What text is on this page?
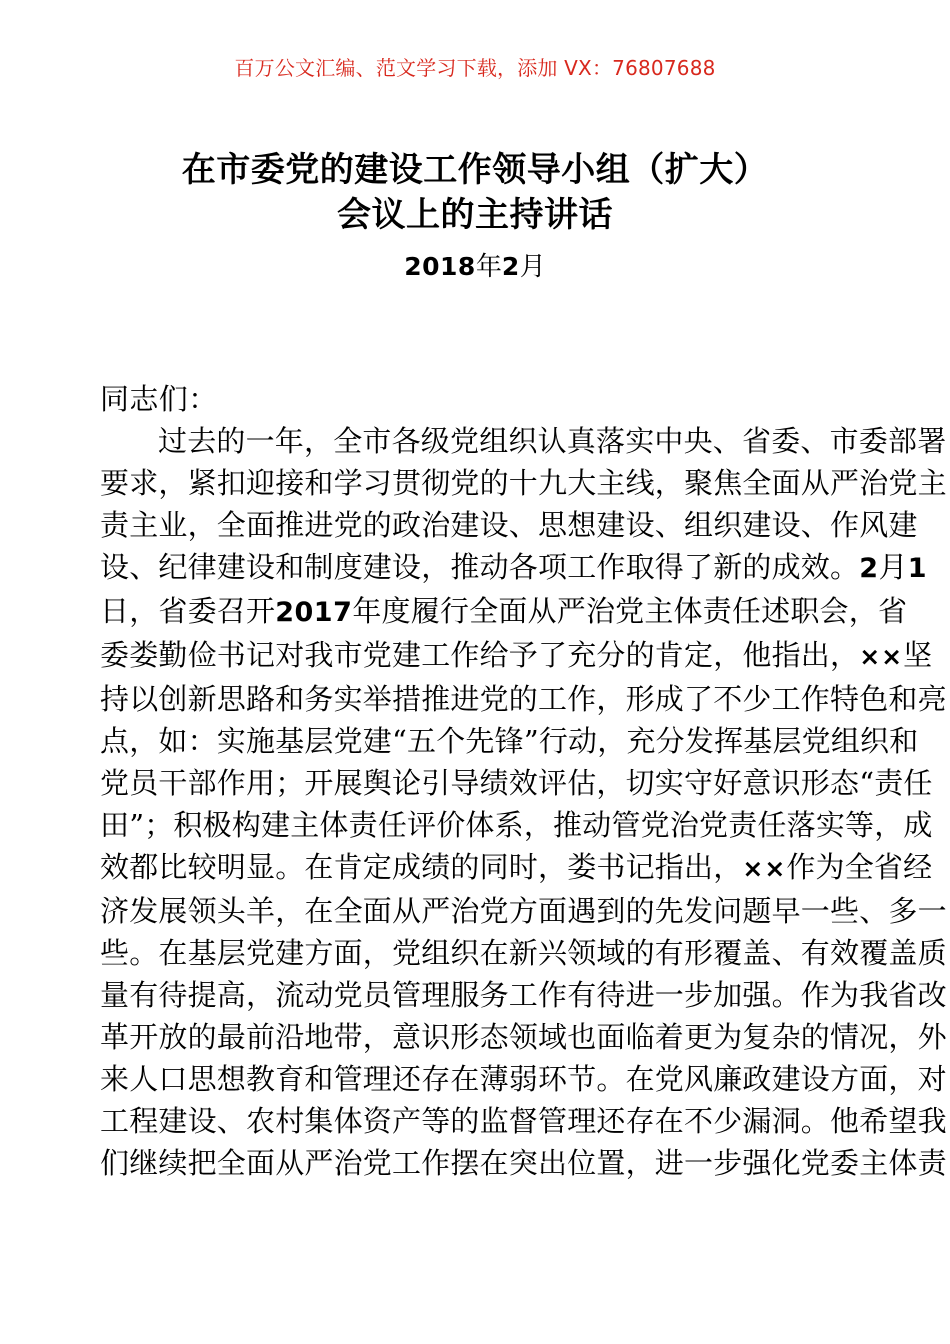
百万公文汇编、范文学习下载，添加 VX：76807688
在市委党的建设工作领导小组（扩大）
会议上的主持讲话
2018年2月
同志们：
过去的一年，全市各级党组织认真落实中央、省委、市委部署
要求，紧扣迎接和学习贯彻党的十九大主线，聚焦全面从严治党主
责主业，全面推进党的政治建设、思想建设、组织建设、作风建
设、纪律建设和制度建设，推动各项工作取得了新的成效。2月1
日，省委召开2017年度履行全面从严治党主体责任述职会，省
委娄勤俭书记对我市党建工作给予了充分的肯定，他指出，××坚
持以创新思路和务实举措推进党的工作，形成了不少工作特色和亮
点，如：实施基层党建“五个先锋”行动，充分发挥基层党组织和
党员干部作用；开展舆论引导绩效评估，切实守好意识形态“责任
田”；积极构建主体责任评价体系，推动管党治党责任落实等，成
效都比较明显。在肯定成绩的同时，娄书记指出，××作为全省经
济发展领头羊，在全面从严治党方面遇到的先发问题早一些、多一
些。在基层党建方面，党组织在新兴领域的有形覆盖、有效覆盖质
量有待提高，流动党员管理服务工作有待进一步加强。作为我省改
革开放的最前沿地带，意识形态领域也面临着更为复杂的情况，外
来人口思想教育和管理还存在薄弱环节。在党风廉政建设方面，对
工程建设、农村集体资产等的监督管理还存在不少漏洞。他希望我
们继续把全面从严治党工作摆在突出位置，进一步强化党委主体责
